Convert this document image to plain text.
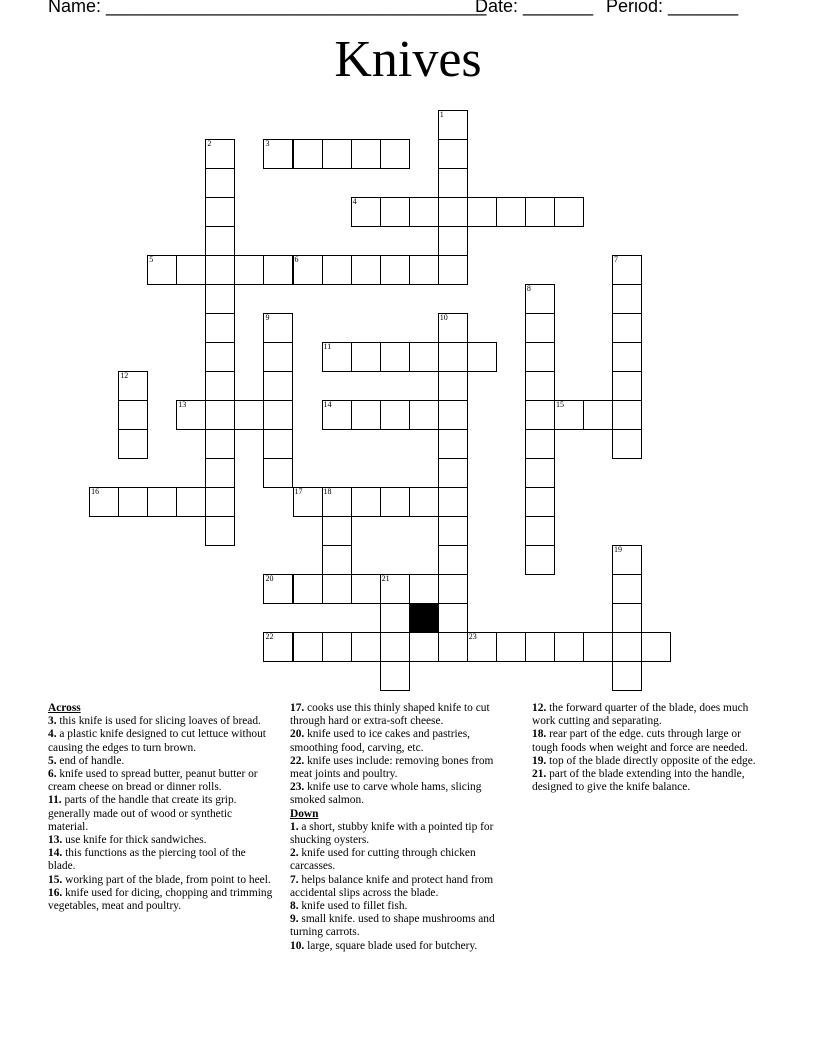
Name: ______________________________________
Date: _______ Period: _______
Knives
1
2	3
4
5	6	7
8
9	10
11
12
13	14	15
16	17	18
19
20	21
22	23

Across

3. this knife is used for slicing loaves of bread.

4. a plastic knife designed to cut lettuce without causing the edges to turn brown.

5. end of handle.

6. knife used to spread butter, peanut butter or cream cheese on bread or dinner rolls.

11. parts of the handle that create its grip. generally made out of wood or synthetic material.

13. use knife for thick sandwiches.

14. this functions as the piercing tool of the blade.

15. working part of the blade, from point to heel.

16. knife used for dicing, chopping and trimming vegetables, meat and poultry.

17. cooks use this thinly shaped knife to cut through hard or extra-soft cheese.

20. knife used to ice cakes and pastries, smoothing food, carving, etc.

22. knife uses include: removing bones from meat joints and poultry.

23. knife use to carve whole hams, slicing smoked salmon.

Down

1. a short, stubby knife with a pointed tip for shucking oysters.

2. knife used for cutting through chicken carcasses.

7. helps balance knife and protect hand from accidental slips across the blade.

8. knife used to fillet fish.

9. small knife. used to shape mushrooms and turning carrots.

10. large, square blade used for butchery.

12. the forward quarter of the blade, does much work cutting and separating.

18. rear part of the edge. cuts through large or tough foods when weight and force are needed.

19. top of the blade directly opposite of the edge.

21. part of the blade extending into the handle, designed to give the knife balance.
